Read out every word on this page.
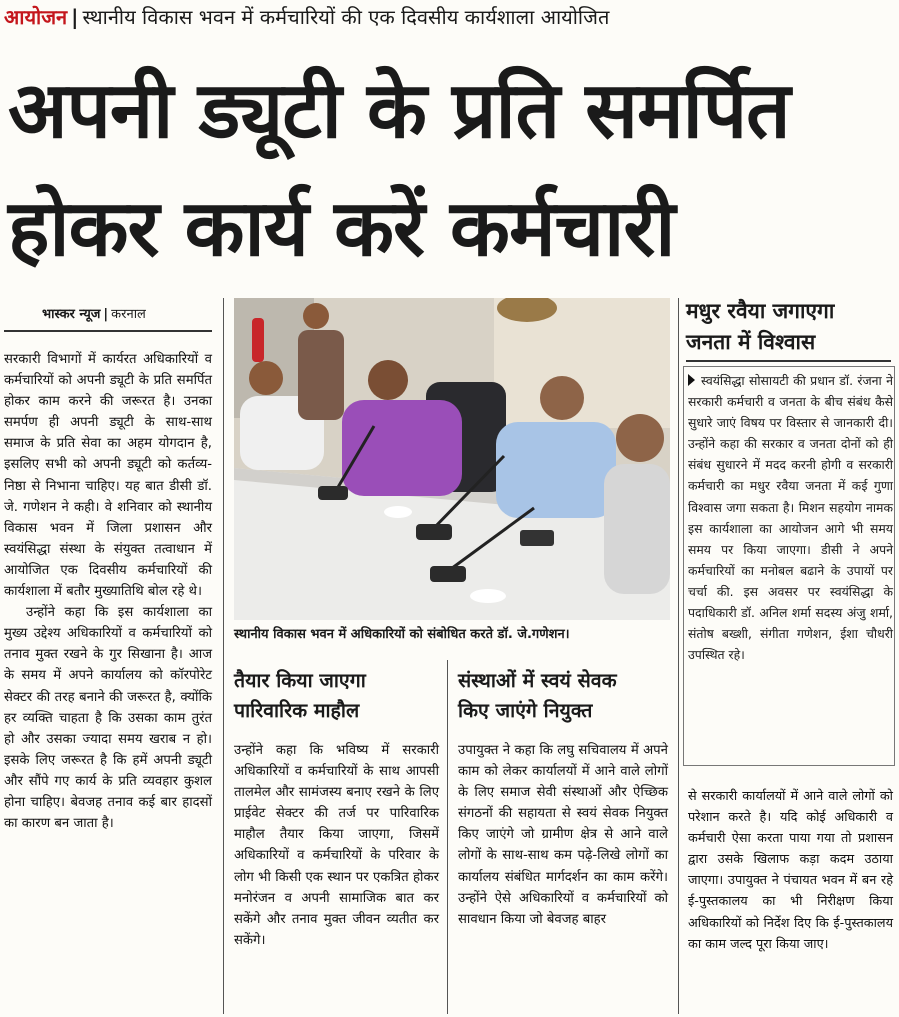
आयोजन | स्थानीय विकास भवन में कर्मचारियों की एक दिवसीय कार्यशाला आयोजित
अपनी ड्यूटी के प्रति समर्पित
होकर कार्य करें कर्मचारी
भास्कर न्यूज | करनाल

सरकारी विभागों में कार्यरत अधिकारियों व कर्मचारियों को अपनी ड्यूटी के प्रति समर्पित होकर काम करने की जरूरत है। उनका समर्पण ही अपनी ड्यूटी के साथ-साथ समाज के प्रति सेवा का अहम योगदान है, इसलिए सभी को अपनी ड्यूटी को कर्तव्य-निष्ठा से निभाना चाहिए। यह बात डीसी डॉ. जे. गणेशन ने कही। वे शनिवार को स्थानीय विकास भवन में जिला प्रशासन और स्वयंसिद्धा संस्था के संयुक्त तत्वाधान में आयोजित एक दिवसीय कर्मचारियों की कार्यशाला में बतौर मुख्यातिथि बोल रहे थे।

उन्होंने कहा कि इस कार्यशाला का मुख्य उद्देश्य अधिकारियों व कर्मचारियों को तनाव मुक्त रखने के गुर सिखाना है। आज के समय में अपने कार्यालय को कॉरपोरेट सेक्टर की तरह बनाने की जरूरत है, क्योंकि हर व्यक्ति चाहता है कि उसका काम तुरंत हो और उसका ज्यादा समय खराब न हो। इसके लिए जरूरत है कि हमें अपनी ड्यूटी और सौंपे गए कार्य के प्रति व्यवहार कुशल होना चाहिए। बेवजह तनाव कई बार हादसों का कारण बन जाता है।

स्थानीय विकास भवन में अधिकारियों को संबोधित करते डॉ. जे.गणेशन।
तैयार किया जाएगा
पारिवारिक माहौल
उन्होंने कहा कि भविष्य में सरकारी अधिकारियों व कर्मचारियों के साथ आपसी तालमेल और सामंजस्य बनाए रखने के लिए प्राईवेट सेक्टर की तर्ज पर पारिवारिक माहौल तैयार किया जाएगा, जिसमें अधिकारियों व कर्मचारियों के परिवार के लोग भी किसी एक स्थान पर एकत्रित होकर मनोरंजन व अपनी सामाजिक बात कर सकेंगे और तनाव मुक्त जीवन व्यतीत कर सकेंगे।
संस्थाओं में स्वयं सेवक
किए जाएंगे नियुक्त
उपायुक्त ने कहा कि लघु सचिवालय में अपने काम को लेकर कार्यालयों में आने वाले लोगों के लिए समाज सेवी संस्थाओं और ऐच्छिक संगठनों की सहायता से स्वयं सेवक नियुक्त किए जाएंगे जो ग्रामीण क्षेत्र से आने वाले लोगों के साथ-साथ कम पढ़े-लिखे लोगों का कार्यालय संबंधित मार्गदर्शन का काम करेंगे। उन्होंने ऐसे अधिकारियों व कर्मचारियों को सावधान किया जो बेवजह बाहर
मधुर रवैया जगाएगा
जनता में विश्वास
स्वयंसिद्धा सोसायटी की प्रधान डॉ. रंजना ने सरकारी कर्मचारी व जनता के बीच संबंध कैसे सुधारे जाएं विषय पर विस्तार से जानकारी दी। उन्होंने कहा की सरकार व जनता दोनों को ही संबंध सुधारने में मदद करनी होगी व सरकारी कर्मचारी का मधुर रवैया जनता में कई गुणा विश्वास जगा सकता है। मिशन सहयोग नामक इस कार्यशाला का आयोजन आगे भी समय समय पर किया जाएगा। डीसी ने अपने कर्मचारियों का मनोबल बढाने के उपायों पर चर्चा की. इस अवसर पर स्वयंसिद्धा के पदाधिकारी डॉ. अनिल शर्मा सदस्य अंजु शर्मा, संतोष बख्शी, संगीता गणेशन, ईशा चौधरी उपस्थित रहे।
से सरकारी कार्यालयों में आने वाले लोगों को परेशान करते है। यदि कोई अधिकारी व कर्मचारी ऐसा करता पाया गया तो प्रशासन द्वारा उसके खिलाफ कड़ा कदम उठाया जाएगा। उपायुक्त ने पंचायत भवन में बन रहे ई-पुस्तकालय का भी निरीक्षण किया अधिकारियों को निर्देश दिए कि ई-पुस्तकालय का काम जल्द पूरा किया जाए।
